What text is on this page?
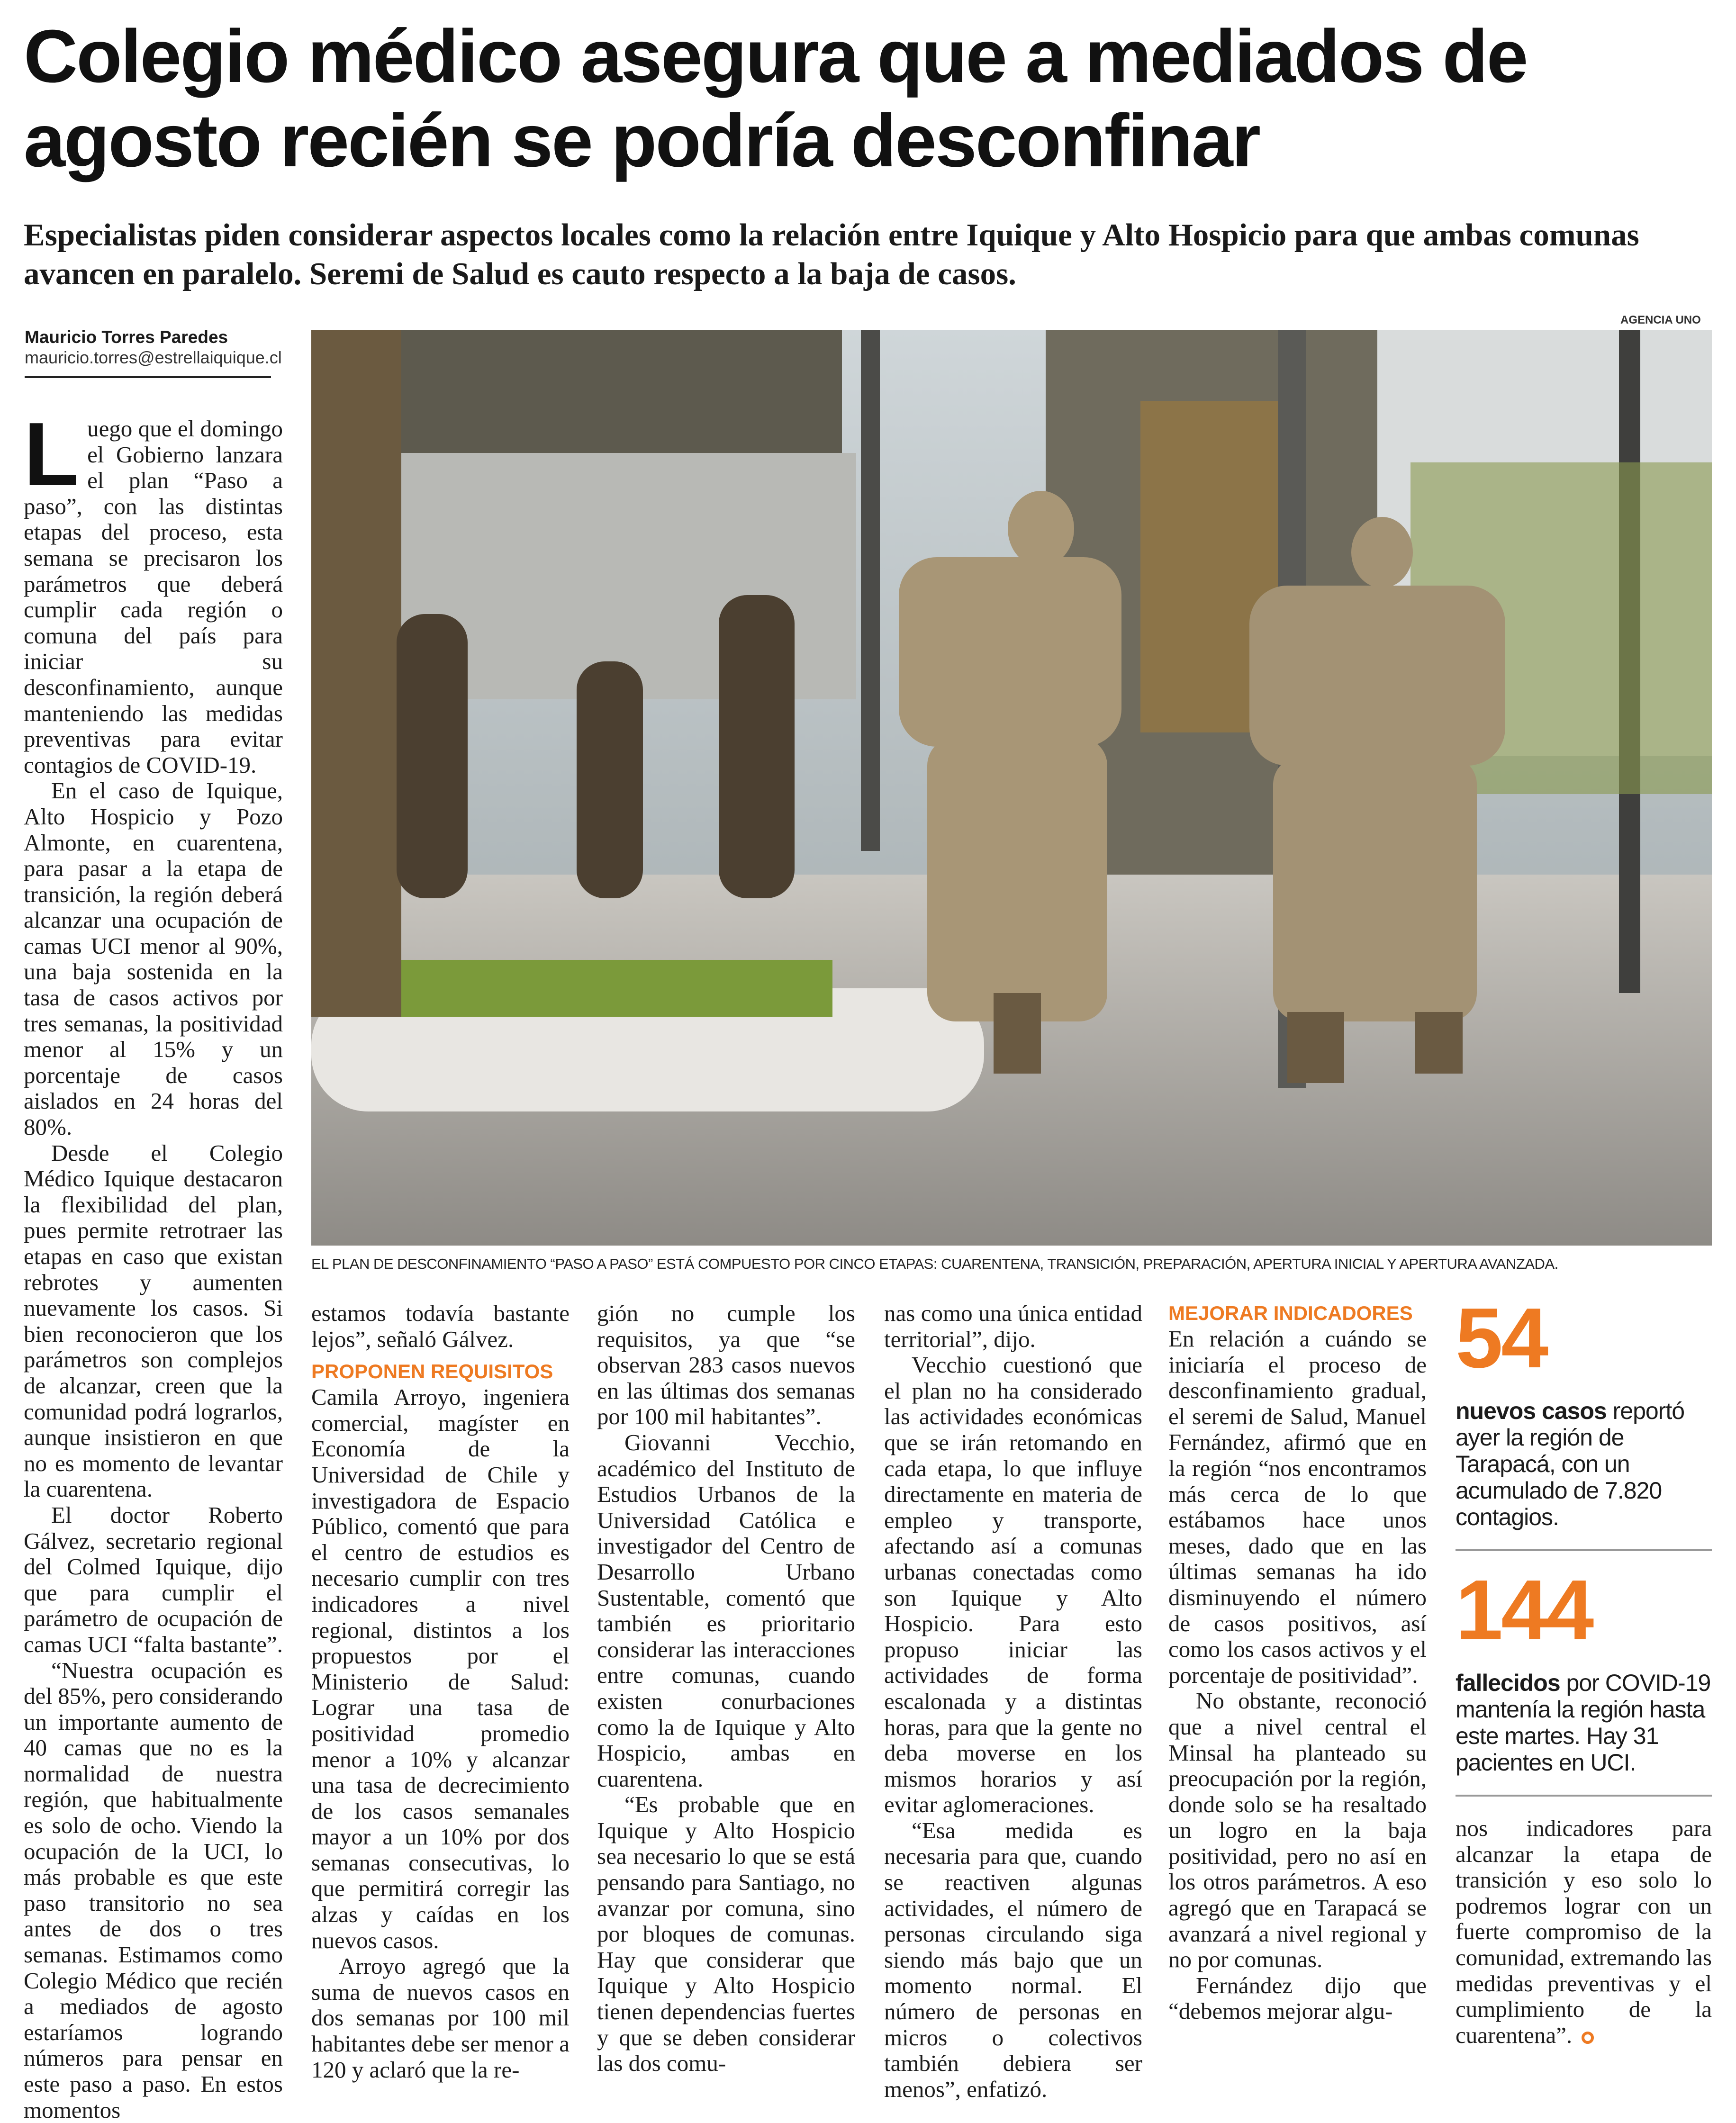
Colegio médico asegura que a mediados de agosto recién se podría desconfinar
Especialistas piden considerar aspectos locales como la relación entre Iquique y Alto Hospicio para que ambas comunas avancen en paralelo. Seremi de Salud es cauto respecto a la baja de casos.
Mauricio Torres Paredes
mauricio.torres@estrellaiquique.cl
AGENCIA UNO
EL PLAN DE DESCONFINAMIENTO “PASO A PASO” ESTÁ COMPUESTO POR CINCO ETAPAS: CUARENTENA, TRANSICIÓN, PREPARACIÓN, APERTURA INICIAL Y APERTURA AVANZADA.
L uego que el domingo el Gobierno lanzara el plan “Paso a paso”, con las distintas etapas del proceso, esta semana se precisaron los parámetros que deberá cumplir cada región o comuna del país para iniciar su desconfinamiento, aunque manteniendo las medidas preventivas para evitar contagios de COVID-19.

En el caso de Iquique, Alto Hospicio y Pozo Almonte, en cuarentena, para pasar a la etapa de transición, la región deberá alcanzar una ocupación de camas UCI menor al 90%, una baja sostenida en la tasa de casos activos por tres semanas, la positividad menor al 15% y un porcentaje de casos aislados en 24 horas del 80%.

Desde el Colegio Médico Iquique destacaron la flexibilidad del plan, pues permite retrotraer las etapas en caso que existan rebrotes y aumenten nuevamente los casos. Si bien reconocieron que los parámetros son complejos de alcanzar, creen que la comunidad podrá lograrlos, aunque insistieron en que no es momento de levantar la cuarentena.

El doctor Roberto Gálvez, secretario regional del Colmed Iquique, dijo que para cumplir el parámetro de ocupación de camas UCI “falta bastante”.

“Nuestra ocupación es del 85%, pero considerando un importante aumento de 40 camas que no es la normalidad de nuestra región, que habitualmente es solo de ocho. Viendo la ocupación de la UCI, lo más probable es que este paso transitorio no sea antes de dos o tres semanas. Estimamos como Colegio Médico que recién a mediados de agosto estaríamos logrando números para pensar en este paso a paso. En estos momentos

estamos todavía bastante lejos”, señaló Gálvez.

PROPONEN REQUISITOS

Camila Arroyo, ingeniera comercial, magíster en Economía de la Universidad de Chile y investigadora de Espacio Público, comentó que para el centro de estudios es necesario cumplir con tres indicadores a nivel regional, distintos a los propuestos por el Ministerio de Salud: Lograr una tasa de positividad promedio menor a 10% y alcanzar una tasa de decrecimiento de los casos semanales mayor a un 10% por dos semanas consecutivas, lo que permitirá corregir las alzas y caídas en los nuevos casos.

Arroyo agregó que la suma de nuevos casos en dos semanas por 100 mil habitantes debe ser menor a 120 y aclaró que la re-

gión no cumple los requisitos, ya que “se observan 283 casos nuevos en las últimas dos semanas por 100 mil habitantes”.

Giovanni Vecchio, académico del Instituto de Estudios Urbanos de la Universidad Católica e investigador del Centro de Desarrollo Urbano Sustentable, comentó que también es prioritario considerar las interacciones entre comunas, cuando existen conurbaciones como la de Iquique y Alto Hospicio, ambas en cuarentena.

“Es probable que en Iquique y Alto Hospicio sea necesario lo que se está pensando para Santiago, no avanzar por comuna, sino por bloques de comunas. Hay que considerar que Iquique y Alto Hospicio tienen dependencias fuertes y que se deben considerar las dos comu-

nas como una única entidad territorial”, dijo.

Vecchio cuestionó que el plan no ha considerado las actividades económicas que se irán retomando en cada etapa, lo que influye directamente en materia de empleo y transporte, afectando así a comunas urbanas conectadas como son Iquique y Alto Hospicio. Para esto propuso iniciar las actividades de forma escalonada y a distintas horas, para que la gente no deba moverse en los mismos horarios y así evitar aglomeraciones.

“Esa medida es necesaria para que, cuando se reactiven algunas actividades, el número de personas circulando siga siendo más bajo que un momento normal. El número de personas en micros o colectivos también debiera ser menos”, enfatizó.

MEJORAR INDICADORES

En relación a cuándo se iniciaría el proceso de desconfinamiento gradual, el seremi de Salud, Manuel Fernández, afirmó que en la región “nos encontramos más cerca de lo que estábamos hace unos meses, dado que en las últimas semanas ha ido disminuyendo el número de casos positivos, así como los casos activos y el porcentaje de positividad”.

No obstante, reconoció que a nivel central el Minsal ha planteado su preocupación por la región, donde solo se ha resaltado un logro en la baja positividad, pero no así en los otros parámetros. A eso agregó que en Tarapacá se avanzará a nivel regional y no por comunas.

Fernández dijo que “debemos mejorar algu-

54
nuevos casos reportó ayer la región de Tarapacá, con un acumulado de 7.820 contagios.
144
fallecidos por COVID-19 mantenía la región hasta este martes. Hay 31 pacientes en UCI.

nos indicadores para alcanzar la etapa de transición y eso solo lo podremos lograr con un fuerte compromiso de la comunidad, extremando las medidas preventivas y el cumplimiento de la cuarentena”.
